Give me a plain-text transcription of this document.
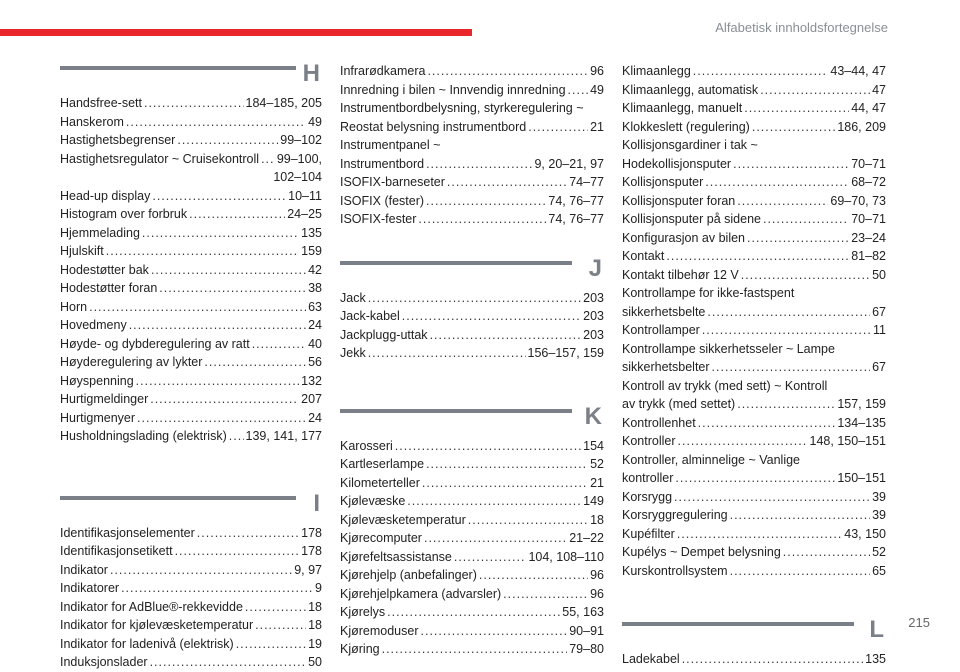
Alfabetisk innholdsfortegnelse
H
Handsfree-sett .....	184–185, 205
Hanskerom .....	49
Hastighetsbegrenser .....	99–102
Hastighetsregulator ~ Cruisekontroll ..... 99–100,
102–104
Head-up display .....	10–11
Histogram over forbruk .....	24–25
Hjemmelading .....	135
Hjulskift .....	159
Hodestøtter bak .....	42
Hodestøtter foran .....	38
Horn .....	63
Hovedmeny .....	24
Høyde- og dybderegulering av ratt .....	40
Høyderegulering av lykter .....	56
Høyspenning .....	132
Hurtigmeldinger .....	207
Hurtigmenyer .....	24
Husholdningslading (elektrisk) ..... 139, 141, 177
I
Identifikasjonselementer .....	178
Identifikasjonsetikett .....	178
Indikator .....	9, 97
Indikatorer .....	9
Indikator for AdBlue®-rekkevidde .....	18
Indikator for kjølevæsketemperatur .....	18
Indikator for ladenivå (elektrisk) .....	19
Induksjonslader .....	50
Infrarødkamera .....	96
Innredning i bilen ~ Innvendig innredning ..... 49
Instrumentbordbelysning, styrkeregulering ~
Reostat belysning instrumentbord .....	21
Instrumentpanel ~
Instrumentbord .....	9, 20–21, 97
ISOFIX-barneseter .....	74–77
ISOFIX (fester) .....	74, 76–77
ISOFIX-fester .....	74, 76–77
J
Jack .....	203
Jack-kabel .....	203
Jackplugg-uttak .....	203
Jekk .....	156–157, 159
K
Karosseri .....	154
Kartleserlampe .....	52
Kilometerteller .....	21
Kjølevæske .....	149
Kjølevæsketemperatur .....	18
Kjørecomputer .....	21–22
Kjørefeltsassistanse .....	104, 108–110
Kjørehjelp (anbefalinger) .....	96
Kjørehjelpkamera (advarsler) .....	96
Kjørelys .....	55, 163
Kjøremoduser .....	90–91
Kjøring .....	79–80
Klimaanlegg .....	43–44, 47
Klimaanlegg, automatisk .....	47
Klimaanlegg, manuelt .....	44, 47
Klokkeslett (regulering) .....	186, 209
Kollisjonsgardiner i tak ~
Hodekollisjonsputer .....	70–71
Kollisjonsputer .....	68–72
Kollisjonsputer foran .....	69–70, 73
Kollisjonsputer på sidene .....	70–71
Konfigurasjon av bilen .....	23–24
Kontakt .....	81–82
Kontakt tilbehør 12 V .....	50
Kontrollampe for ikke-fastspent
sikkerhetsbelte .....	67
Kontrollamper .....	11
Kontrollampe sikkerhetsseler ~ Lampe
sikkerhetsbelter .....	67
Kontroll av trykk (med sett) ~ Kontroll
av trykk (med settet) .....	157, 159
Kontrollenhet .....	134–135
Kontroller .....	148, 150–151
Kontroller, alminnelige ~ Vanlige
kontroller .....	150–151
Korsrygg .....	39
Korsryggregulering .....	39
Kupéfilter .....	43, 150
Kupélys ~ Dempet belysning .....	52
Kurskontrollsystem .....	65
L
Ladekabel .....	135
215
